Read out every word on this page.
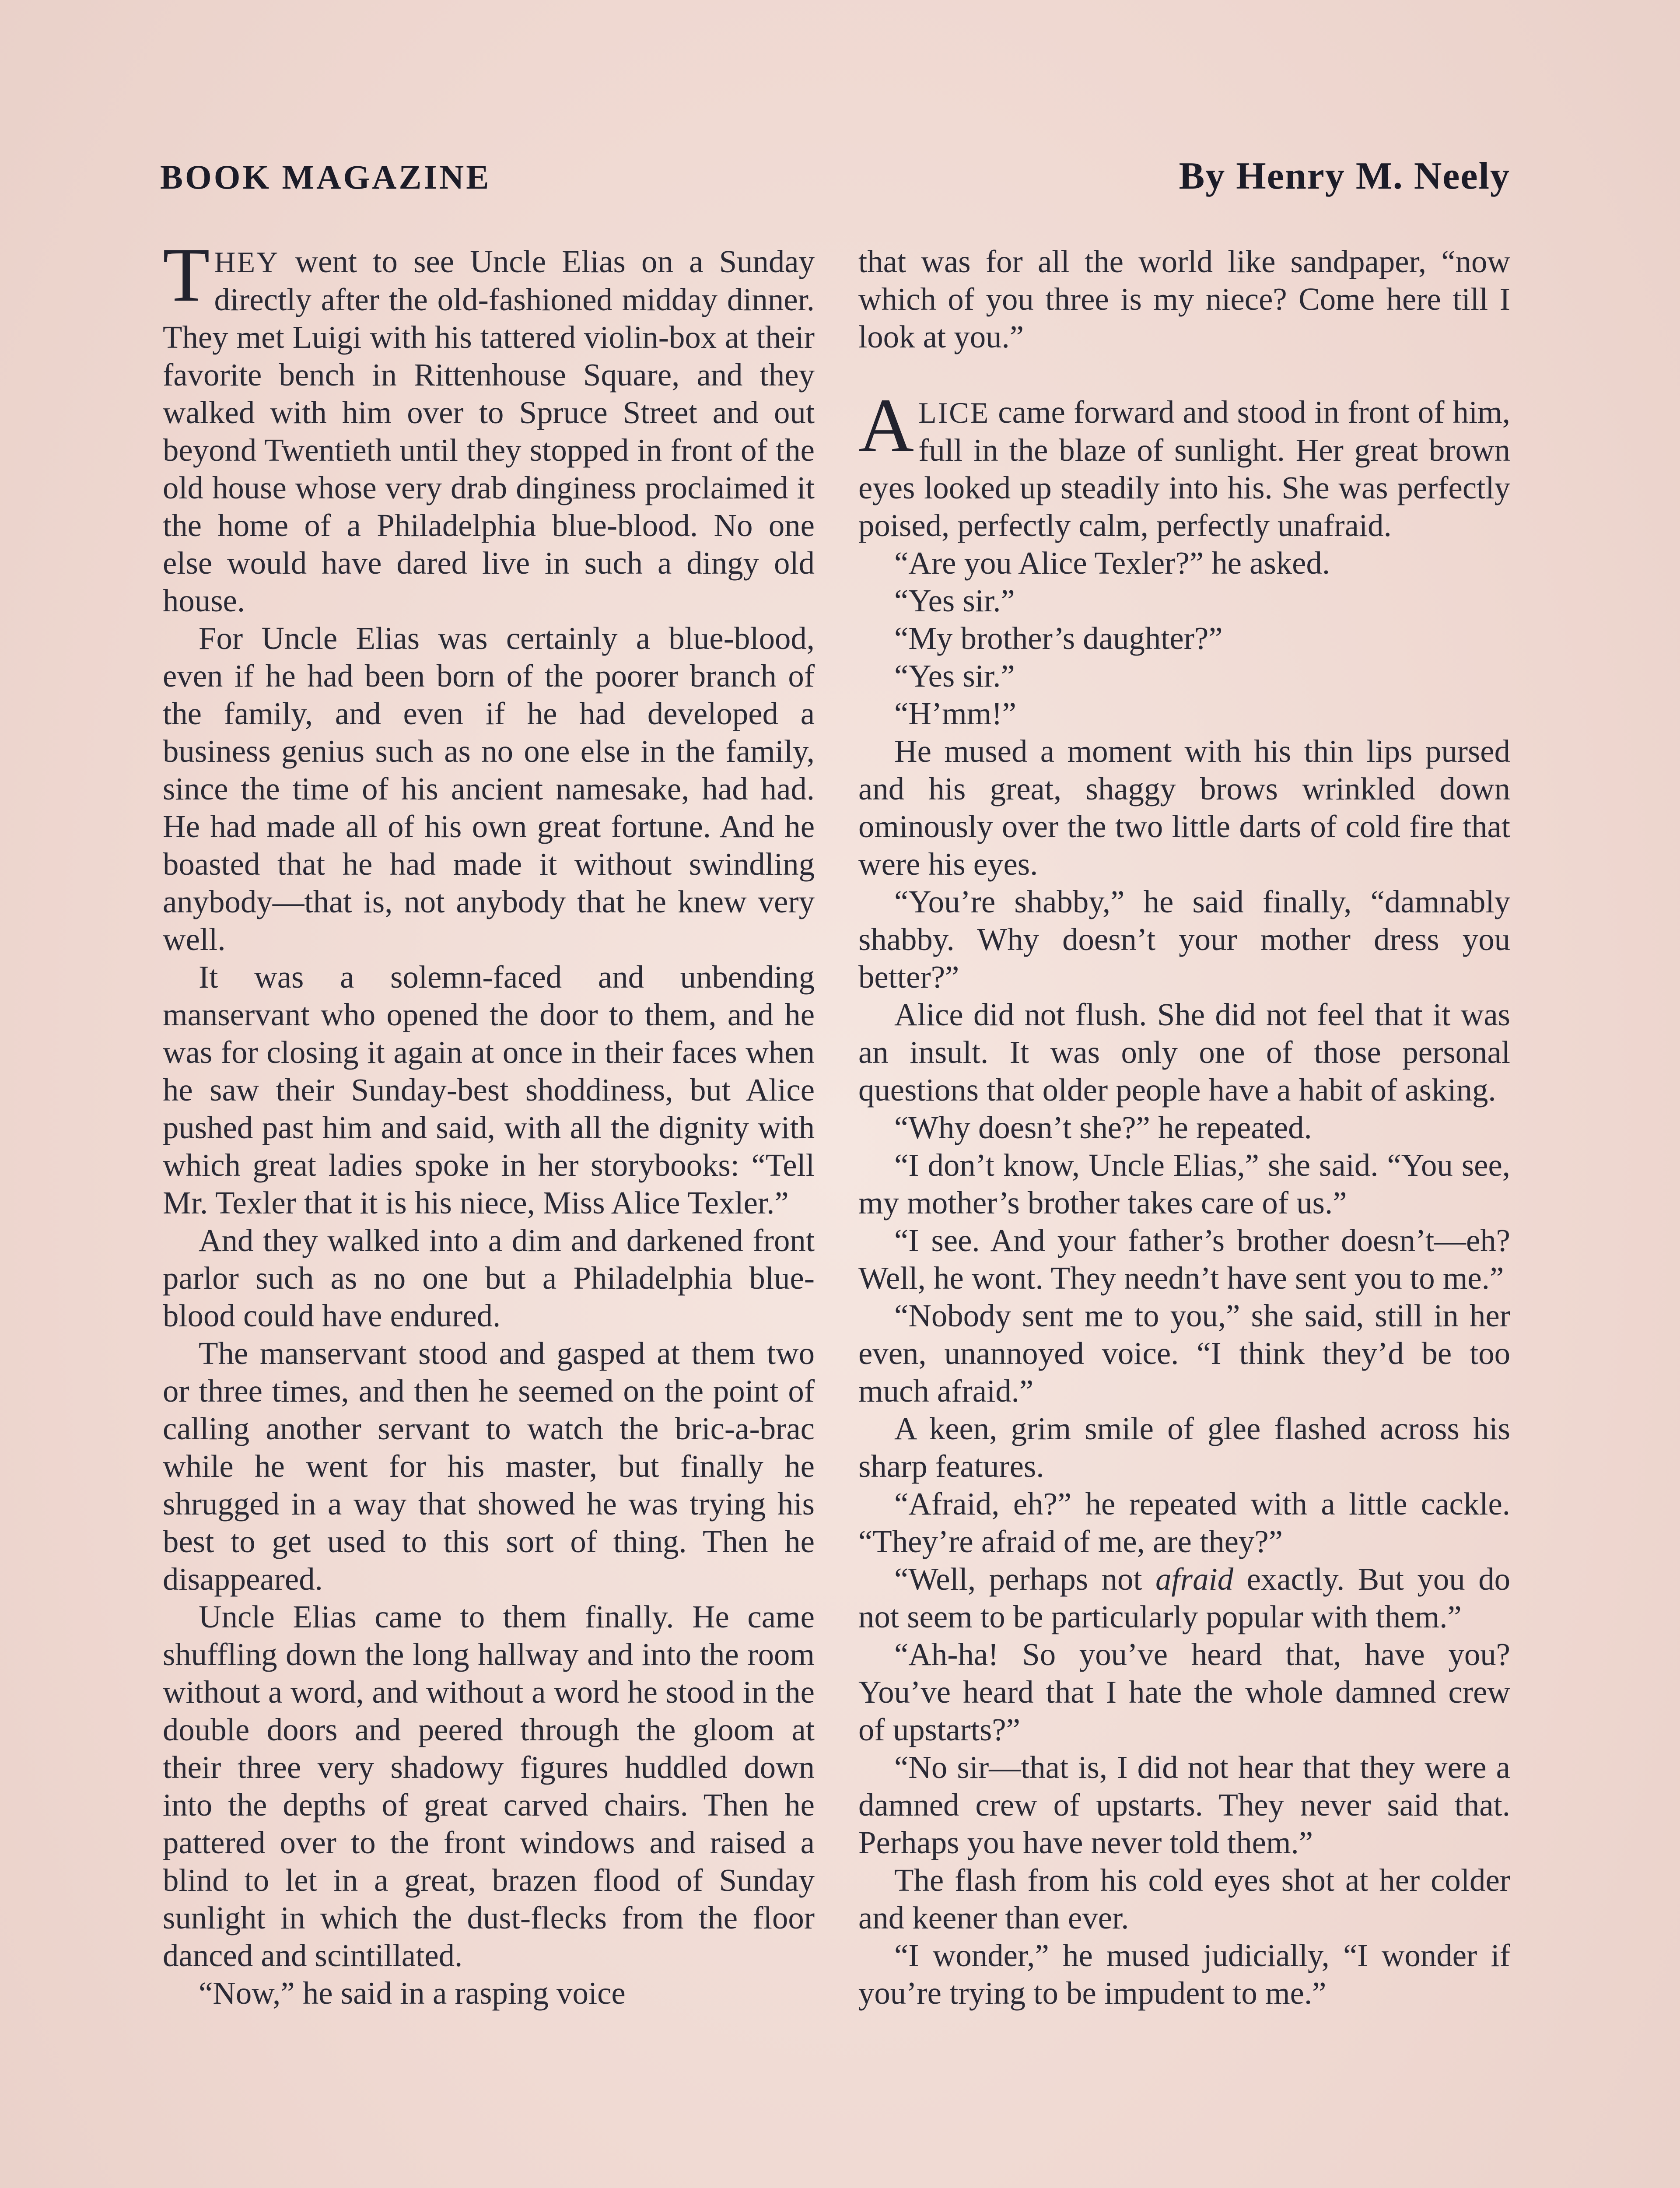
BOOK MAGAZINE	By Henry M. Neely

THEY went to see Uncle Elias on a Sunday directly after the old-fashioned midday dinner. They met Luigi with his tattered violin-box at their favorite bench in Rittenhouse Square, and they walked with him over to Spruce Street and out beyond Twentieth until they stopped in front of the old house whose very drab dinginess proclaimed it the home of a Philadelphia blue-blood. No one else would have dared live in such a dingy old house.

For Uncle Elias was certainly a blue-blood, even if he had been born of the poorer branch of the family, and even if he had developed a business genius such as no one else in the family, since the time of his ancient namesake, had had. He had made all of his own great fortune. And he boasted that he had made it without swindling anybody—that is, not anybody that he knew very well.

It was a solemn-faced and unbending manservant who opened the door to them, and he was for closing it again at once in their faces when he saw their Sunday-best shoddiness, but Alice pushed past him and said, with all the dignity with which great ladies spoke in her storybooks: “Tell Mr. Texler that it is his niece, Miss Alice Texler.”

And they walked into a dim and darkened front parlor such as no one but a Philadelphia blue-blood could have endured.

The manservant stood and gasped at them two or three times, and then he seemed on the point of calling another servant to watch the bric-a-brac while he went for his master, but finally he shrugged in a way that showed he was trying his best to get used to this sort of thing. Then he disappeared.

Uncle Elias came to them finally. He came shuffling down the long hallway and into the room without a word, and without a word he stood in the double doors and peered through the gloom at their three very shadowy figures huddled down into the depths of great carved chairs. Then he pattered over to the front windows and raised a blind to let in a great, brazen flood of Sunday sunlight in which the dust-flecks from the floor danced and scintillated.

“Now,” he said in a rasping voice

that was for all the world like sandpaper, “now which of you three is my niece? Come here till I look at you.”

ALICE came forward and stood in front of him, full in the blaze of sunlight. Her great brown eyes looked up steadily into his. She was perfectly poised, perfectly calm, perfectly unafraid.

“Are you Alice Texler?” he asked.

“Yes sir.”

“My brother’s daughter?”

“Yes sir.”

“H’mm!”

He mused a moment with his thin lips pursed and his great, shaggy brows wrinkled down ominously over the two little darts of cold fire that were his eyes.

“You’re shabby,” he said finally, “damnably shabby. Why doesn’t your mother dress you better?”

Alice did not flush. She did not feel that it was an insult. It was only one of those personal questions that older people have a habit of asking.

“Why doesn’t she?” he repeated.

“I don’t know, Uncle Elias,” she said. “You see, my mother’s brother takes care of us.”

“I see. And your father’s brother doesn’t—eh? Well, he wont. They needn’t have sent you to me.”

“Nobody sent me to you,” she said, still in her even, unannoyed voice. “I think they’d be too much afraid.”

A keen, grim smile of glee flashed across his sharp features.

“Afraid, eh?” he repeated with a little cackle. “They’re afraid of me, are they?”

“Well, perhaps not afraid exactly. But you do not seem to be particularly popular with them.”

“Ah-ha! So you’ve heard that, have you? You’ve heard that I hate the whole damned crew of upstarts?”

“No sir—that is, I did not hear that they were a damned crew of upstarts. They never said that. Perhaps you have never told them.”

The flash from his cold eyes shot at her colder and keener than ever.

“I wonder,” he mused judicially, “I wonder if you’re trying to be impudent to me.”
